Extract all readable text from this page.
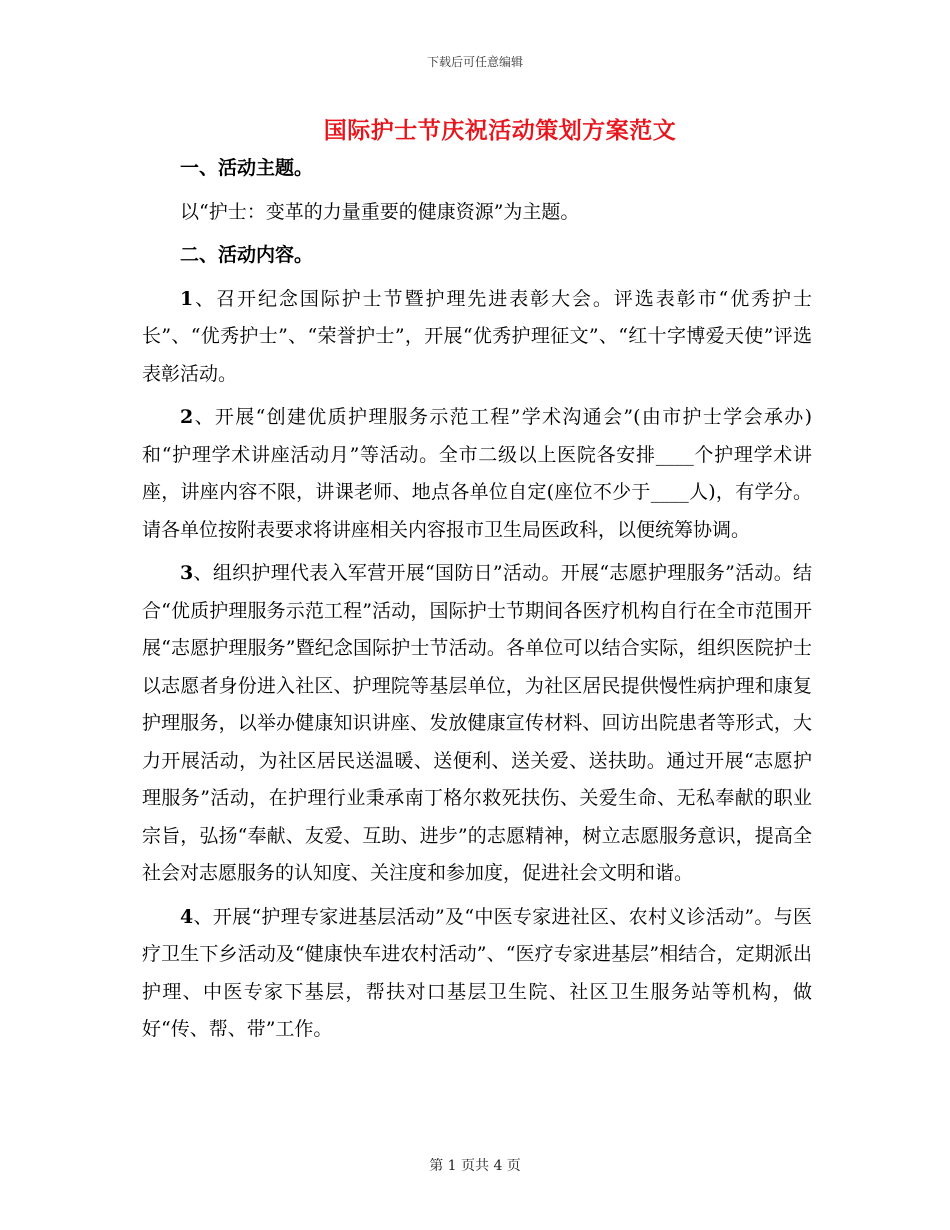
下载后可任意编辑
国际护士节庆祝活动策划方案范文
一、活动主题。
以“护士：变革的力量重要的健康资源”为主题。
二、活动内容。
1、召开纪念国际护士节暨护理先进表彰大会。评选表彰市“优秀护士长”、“优秀护士”、“荣誉护士”，开展“优秀护理征文”、“红十字博爱天使”评选表彰活动。
2、开展“创建优质护理服务示范工程”学术沟通会”(由市护士学会承办)和“护理学术讲座活动月”等活动。全市二级以上医院各安排____个护理学术讲座，讲座内容不限，讲课老师、地点各单位自定(座位不少于____人)，有学分。请各单位按附表要求将讲座相关内容报市卫生局医政科，以便统筹协调。
3、组织护理代表入军营开展“国防日”活动。开展“志愿护理服务”活动。结合“优质护理服务示范工程”活动，国际护士节期间各医疗机构自行在全市范围开展“志愿护理服务”暨纪念国际护士节活动。各单位可以结合实际，组织医院护士以志愿者身份进入社区、护理院等基层单位，为社区居民提供慢性病护理和康复护理服务，以举办健康知识讲座、发放健康宣传材料、回访出院患者等形式，大力开展活动，为社区居民送温暖、送便利、送关爱、送扶助。通过开展“志愿护理服务”活动，在护理行业秉承南丁格尔救死扶伤、关爱生命、无私奉献的职业宗旨，弘扬“奉献、友爱、互助、进步”的志愿精神，树立志愿服务意识，提高全社会对志愿服务的认知度、关注度和参加度，促进社会文明和谐。
4、开展“护理专家进基层活动”及“中医专家进社区、农村义诊活动”。与医疗卫生下乡活动及“健康快车进农村活动”、“医疗专家进基层”相结合，定期派出护理、中医专家下基层，帮扶对口基层卫生院、社区卫生服务站等机构，做好“传、帮、带”工作。
第 1 页共 4 页
